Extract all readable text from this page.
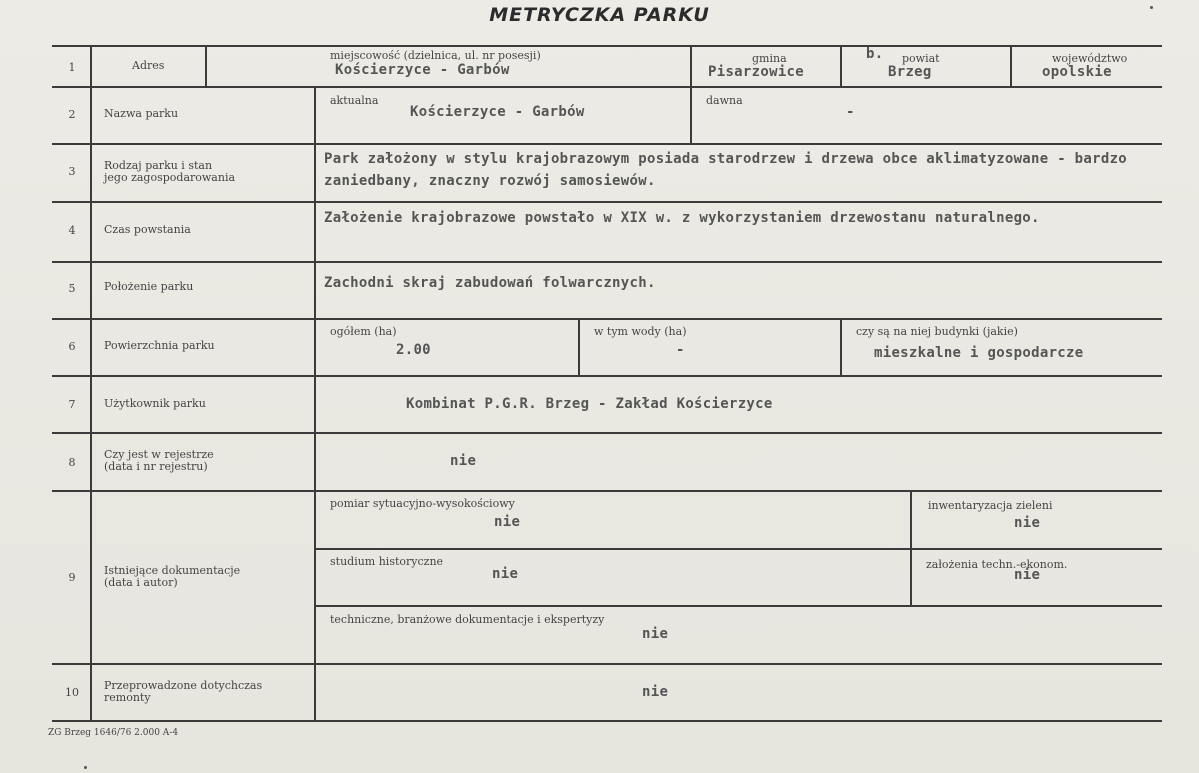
METRYCZKA PARKU
1
2
3
4
5
6
7
8
9
10
Adres
Nazwa parku
Rodzaj parku i stan
jego zagospodarowania
Czas powstania
Położenie parku
Powierzchnia parku
Użytkownik parku
Czy jest w rejestrze
(data i nr rejestru)
Istniejące dokumentacje
(data i autor)
Przeprowadzone dotychczas
remonty
miejscowość (dzielnica, ul. nr posesji)
Kościerzyce - Garbów
gmina
Pisarzowice
b. powiat
Brzeg
województwo
opolskie
aktualna
Kościerzyce - Garbów
dawna
-
Park założony w stylu krajobrazowym posiada starodrzew i drzewa obce aklimatyzowane - bardzo zaniedbany, znaczny rozwój samosiewów.
Założenie krajobrazowe powstało w XIX w. z wykorzystaniem drzewostanu naturalnego.
Zachodni skraj zabudowań folwarcznych.
ogółem (ha)
2.00
w tym wody (ha)
-
czy są na niej budynki (jakie)
mieszkalne i gospodarcze
Kombinat P.G.R. Brzeg - Zakład Kościerzyce
nie
pomiar sytuacyjno-wysokościowy
nie
inwentaryzacja zieleni
nie
studium historyczne
nie
założenia techn.-ekonom.
nie
techniczne, branżowe dokumentacje i ekspertyzy
nie
nie
ZG Brzeg 1646/76 2.000 A-4
